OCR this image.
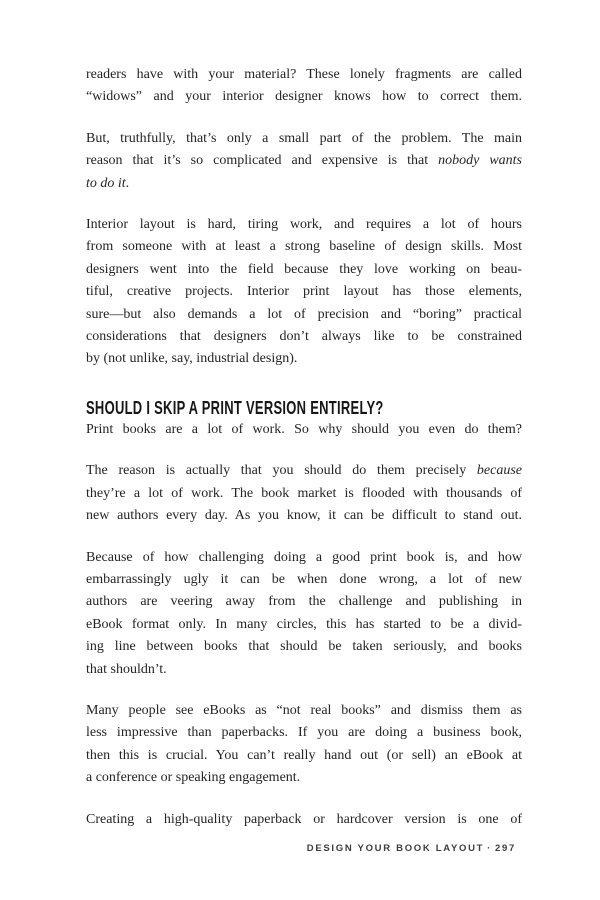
readers have with your material? These lonely fragments are called
“widows” and your interior designer knows how to correct them.
But, truthfully, that’s only a small part of the problem. The main
reason that it’s so complicated and expensive is that nobody wants
to do it.
Interior layout is hard, tiring work, and requires a lot of hours
from someone with at least a strong baseline of design skills. Most
designers went into the field because they love working on beau-
tiful, creative projects. Interior print layout has those elements,
sure—but also demands a lot of precision and “boring” practical
considerations that designers don’t always like to be constrained
by (not unlike, say, industrial design).
SHOULD I SKIP A PRINT VERSION ENTIRELY?
Print books are a lot of work. So why should you even do them?
The reason is actually that you should do them precisely because
they’re a lot of work. The book market is flooded with thousands of
new authors every day. As you know, it can be difficult to stand out.
Because of how challenging doing a good print book is, and how
embarrassingly ugly it can be when done wrong, a lot of new
authors are veering away from the challenge and publishing in
eBook format only. In many circles, this has started to be a divid-
ing line between books that should be taken seriously, and books
that shouldn’t.
Many people see eBooks as “not real books” and dismiss them as
less impressive than paperbacks. If you are doing a business book,
then this is crucial. You can’t really hand out (or sell) an eBook at
a conference or speaking engagement.
Creating a high-quality paperback or hardcover version is one of
DESIGN YOUR BOOK LAYOUT · 297
